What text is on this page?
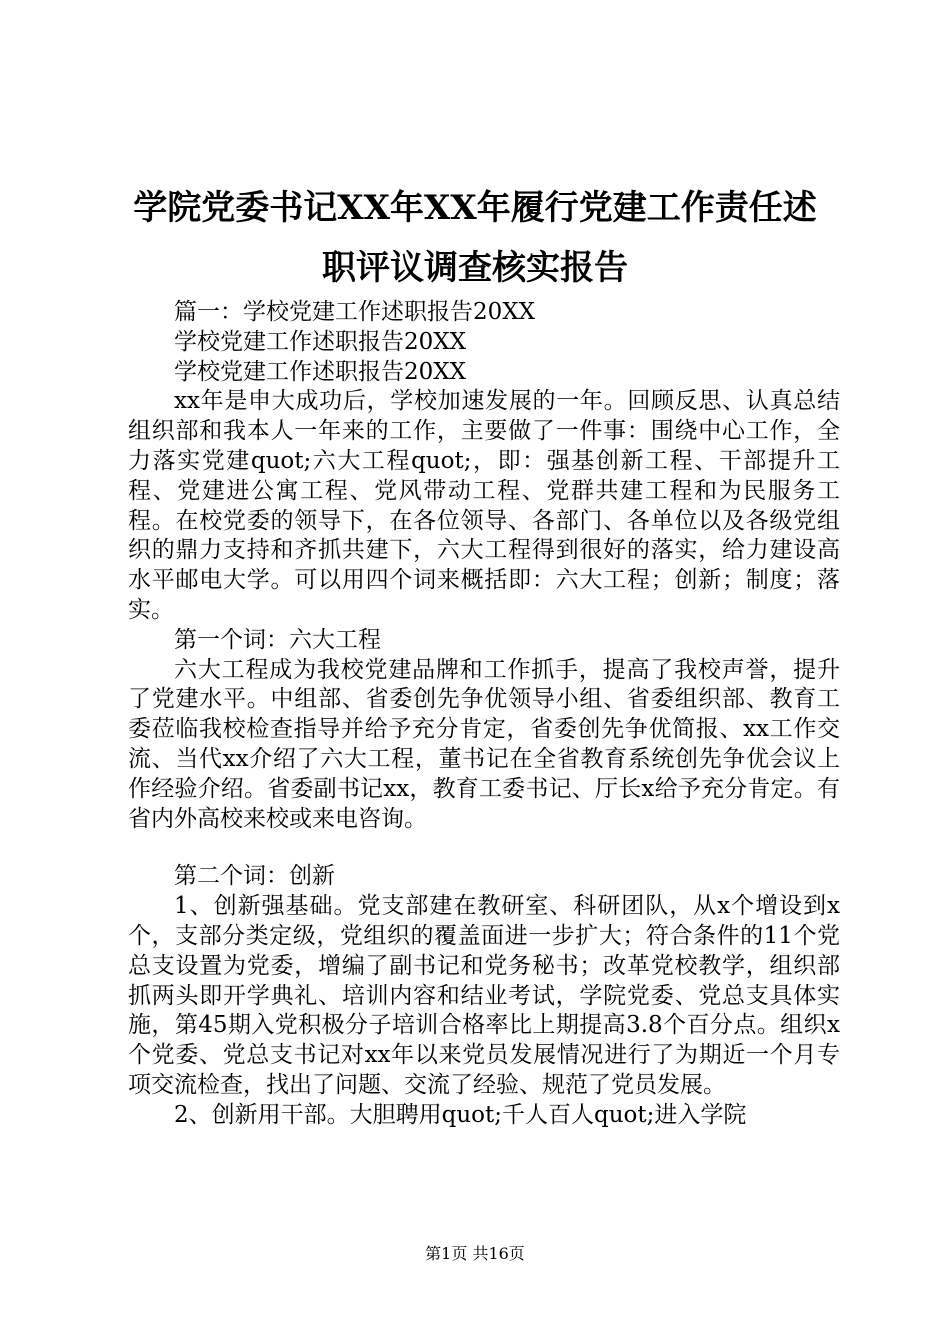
学院党委书记XX年XX年履行党建工作责任述
职评议调查核实报告

篇一：学校党建工作述职报告20XX

学校党建工作述职报告20XX

学校党建工作述职报告20XX

xx年是申大成功后，学校加速发展的一年。回顾反思、认真总结组织部和我本人一年来的工作，主要做了一件事：围绕中心工作，全力落实党建quot;六大工程quot;，即：强基创新工程、干部提升工程、党建进公寓工程、党风带动工程、党群共建工程和为民服务工程。在校党委的领导下，在各位领导、各部门、各单位以及各级党组织的鼎力支持和齐抓共建下，六大工程得到很好的落实，给力建设高水平邮电大学。可以用四个词来概括即：六大工程；创新；制度；落实。

第一个词：六大工程

六大工程成为我校党建品牌和工作抓手，提高了我校声誉，提升了党建水平。中组部、省委创先争优领导小组、省委组织部、教育工委莅临我校检查指导并给予充分肯定，省委创先争优简报、xx工作交流、当代xx介绍了六大工程，董书记在全省教育系统创先争优会议上作经验介绍。省委副书记xx，教育工委书记、厅长x给予充分肯定。有省内外高校来校或来电咨询。

第二个词：创新

1、创新强基础。党支部建在教研室、科研团队，从x个增设到x个，支部分类定级，党组织的覆盖面进一步扩大；符合条件的11个党总支设置为党委，增编了副书记和党务秘书；改革党校教学，组织部抓两头即开学典礼、培训内容和结业考试，学院党委、党总支具体实施，第45期入党积极分子培训合格率比上期提高3.8个百分点。组织x个党委、党总支书记对xx年以来党员发展情况进行了为期近一个月专项交流检查，找出了问题、交流了经验、规范了党员发展。

2、创新用干部。大胆聘用quot;千人百人quot;进入学院

第1页 共16页
